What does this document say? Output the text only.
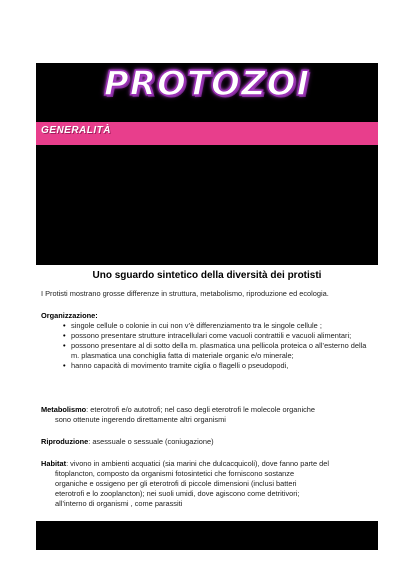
PROTOZOI
GENERALITÀ
Uno sguardo sintetico della diversità dei protisti

I Protisti mostrano grosse differenze in struttura, metabolismo, riproduzione ed ecologia.

Organizzazione:
• singole cellule o colonie in cui non v’è differenziamento tra le singole cellule ;
• possono presentare strutture intracellulari come vacuoli contrattili e vacuoli alimentari;
• possono presentare al di sotto della m. plasmatica una pellicola proteica o all’esterno della m. plasmatica una conchiglia fatta di materiale organic e/o minerale;
• hanno capacità di movimento tramite ciglia o flagelli o pseudopodi,
Metabolismo: eterotrofi e/o autotrofi; nel caso degli eterotrofi le molecole organiche
sono ottenute ingerendo direttamente altri organismi
Riproduzione: asessuale o sessuale (coniugazione)
Habitat: vivono in ambienti acquatici (sia marini che dulcacquicoli), dove fanno parte del
fitoplancton, composto da organismi fotosintetici che forniscono sostanze
organiche e ossigeno per gli eterotrofi di piccole dimensioni (inclusi batteri
eterotrofi e lo zooplancton); nei suoli umidi, dove agiscono come detritivori;
all’interno di organismi , come parassiti
